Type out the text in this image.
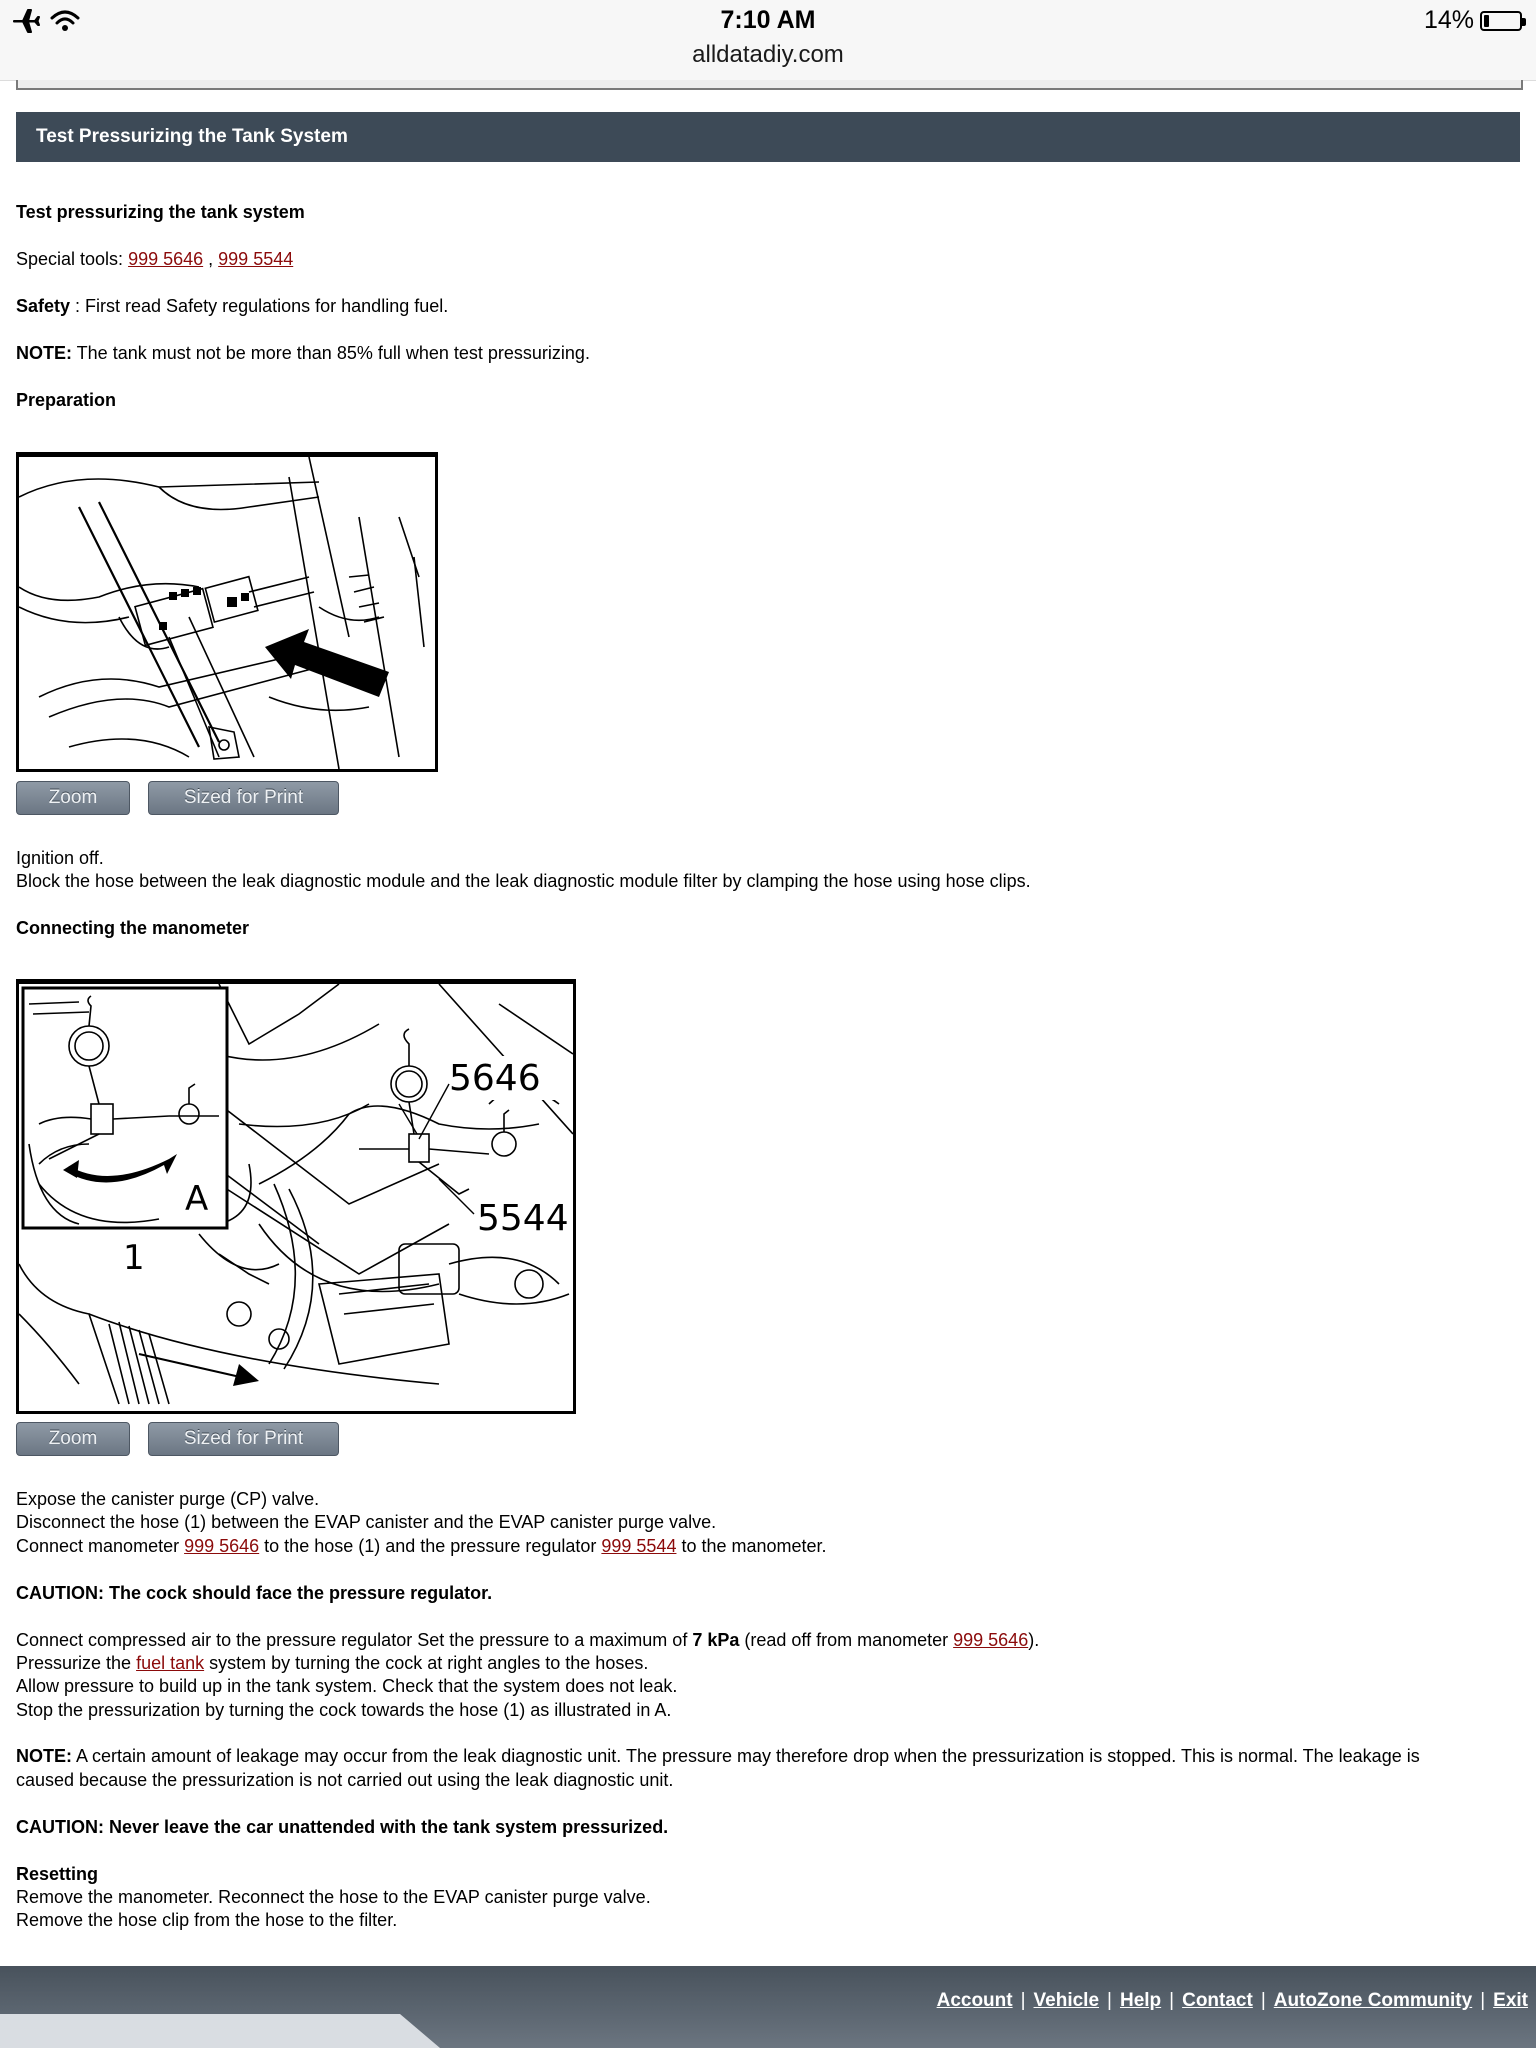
7:10 AM
alldatadiy.com
14%
Test Pressurizing the Tank System
Test pressurizing the tank system
Special tools: 999 5646 , 999 5544
Safety : First read Safety regulations for handling fuel.
NOTE: The tank must not be more than 85% full when test pressurizing.
Preparation
Zoom	Sized for Print
Ignition off.
Block the hose between the leak diagnostic module and the leak diagnostic module filter by clamping the hose using hose clips.
Connecting the manometer
A
1
5646
5544
Zoom	Sized for Print
Expose the canister purge (CP) valve.
Disconnect the hose (1) between the EVAP canister and the EVAP canister purge valve.
Connect manometer 999 5646 to the hose (1) and the pressure regulator 999 5544 to the manometer.
CAUTION: The cock should face the pressure regulator.
Connect compressed air to the pressure regulator Set the pressure to a maximum of 7 kPa (read off from manometer 999 5646).
Pressurize the fuel tank system by turning the cock at right angles to the hoses.
Allow pressure to build up in the tank system. Check that the system does not leak.
Stop the pressurization by turning the cock towards the hose (1) as illustrated in A.
NOTE: A certain amount of leakage may occur from the leak diagnostic unit. The pressure may therefore drop when the pressurization is stopped. This is normal. The leakage is
caused because the pressurization is not carried out using the leak diagnostic unit.
CAUTION: Never leave the car unattended with the tank system pressurized.
Resetting
Remove the manometer. Reconnect the hose to the EVAP canister purge valve.
Remove the hose clip from the hose to the filter.
Account | Vehicle | Help | Contact | AutoZone Community | Exit
